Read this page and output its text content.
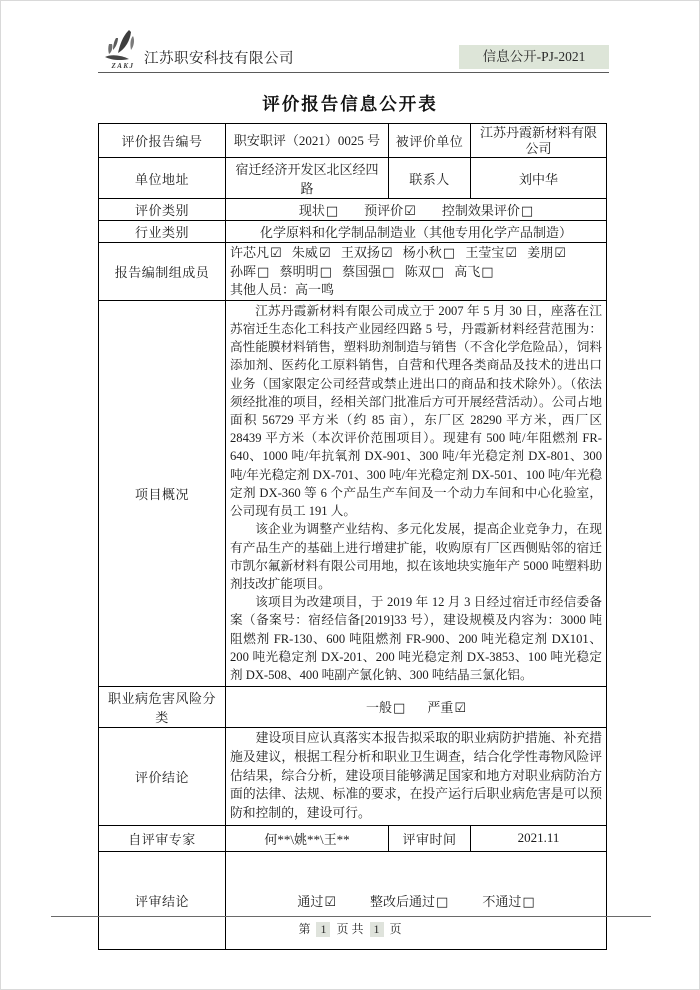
ZAKJ 江苏职安科技有限公司	信息公开-PJ-2021
评价报告信息公开表
评价报告编号	职安职评（2021）0025 号	被评价单位	江苏丹霞新材料有限公司
单位地址	宿迁经济开发区北区经四路	联系人	刘中华
评价类别	现状□ 预评价☑ 控制效果评价□		

行业类别	化学原料和化学制品制造业（其他专用化学产品制造）		
报告编制组成员	许芯凡☑ 朱威☑ 王双扬☑ 杨小秋□ 王莹宝☑ 姜朋☑ 孙晖□ 蔡明明□ 蔡国强□ 陈双□ 高飞□ 其他人员：高一鸣		
项目概况	江苏丹霞新材料有限公司成立于 2007 年 5 月 30 日，座落在江苏宿迁生态化工科技产业园经四路 5 号，丹霞新材料经营范围为：高性能膜材料销售，塑料助剂制造与销售（不含化学危险品），饲料添加剂、医药化工原料销售，自营和代理各类商品及技术的进出口业务（国家限定公司经营或禁止进出口的商品和技术除外）。（依法须经批准的项目，经相关部门批准后方可开展经营活动）。公司占地面积 56729 平方米（约 85 亩），东厂区 28290 平方米，西厂区 28439 平方米（本次评价范围项目）。现建有 500 吨/年阻燃剂 FR-640、1000 吨/年抗氧剂 DX-901、300 吨/年光稳定剂 DX-801、300 吨/年光稳定剂 DX-701、300 吨/年光稳定剂 DX-501、100 吨/年光稳定剂 DX-360 等 6 个产品生产车间及一个动力车间和中心化验室，公司现有员工 191 人。

该企业为调整产业结构、多元化发展，提高企业竞争力，在现有产品生产的基础上进行增建扩能，收购原有厂区西侧贴邻的宿迁市凯尔氟新材料有限公司用地，拟在该地块实施年产 5000 吨塑料助剂技改扩能项目。

该项目为改建项目，于 2019 年 12 月 3 日经过宿迁市经信委备案（备案号：宿经信备[2019]33 号），建设规模及内容为：3000 吨阻燃剂 FR-130、600 吨阻燃剂 FR-900、200 吨光稳定剂 DX101、200 吨光稳定剂 DX-201、200 吨光稳定剂 DX-3853、100 吨光稳定剂 DX-508、400 吨副产氯化钠、300 吨结晶三氯化铝。		

职业病危害风险分类	一般□ 严重☑		

评价结论	建设项目应认真落实本报告拟采取的职业病防护措施、补充措施及建议，根据工程分析和职业卫生调查，结合化学性毒物风险评估结果，综合分析，建设项目能够满足国家和地方对职业病防治方面的法律、法规、标准的要求，在投产运行后职业病危害是可以预防和控制的，建设可行。		

自评审专家	何**\姚**\王**	评审时间	2021.11
评审结论	通过☑ 整改后通过□ 不通过□		
第 1 页 共 1 页
